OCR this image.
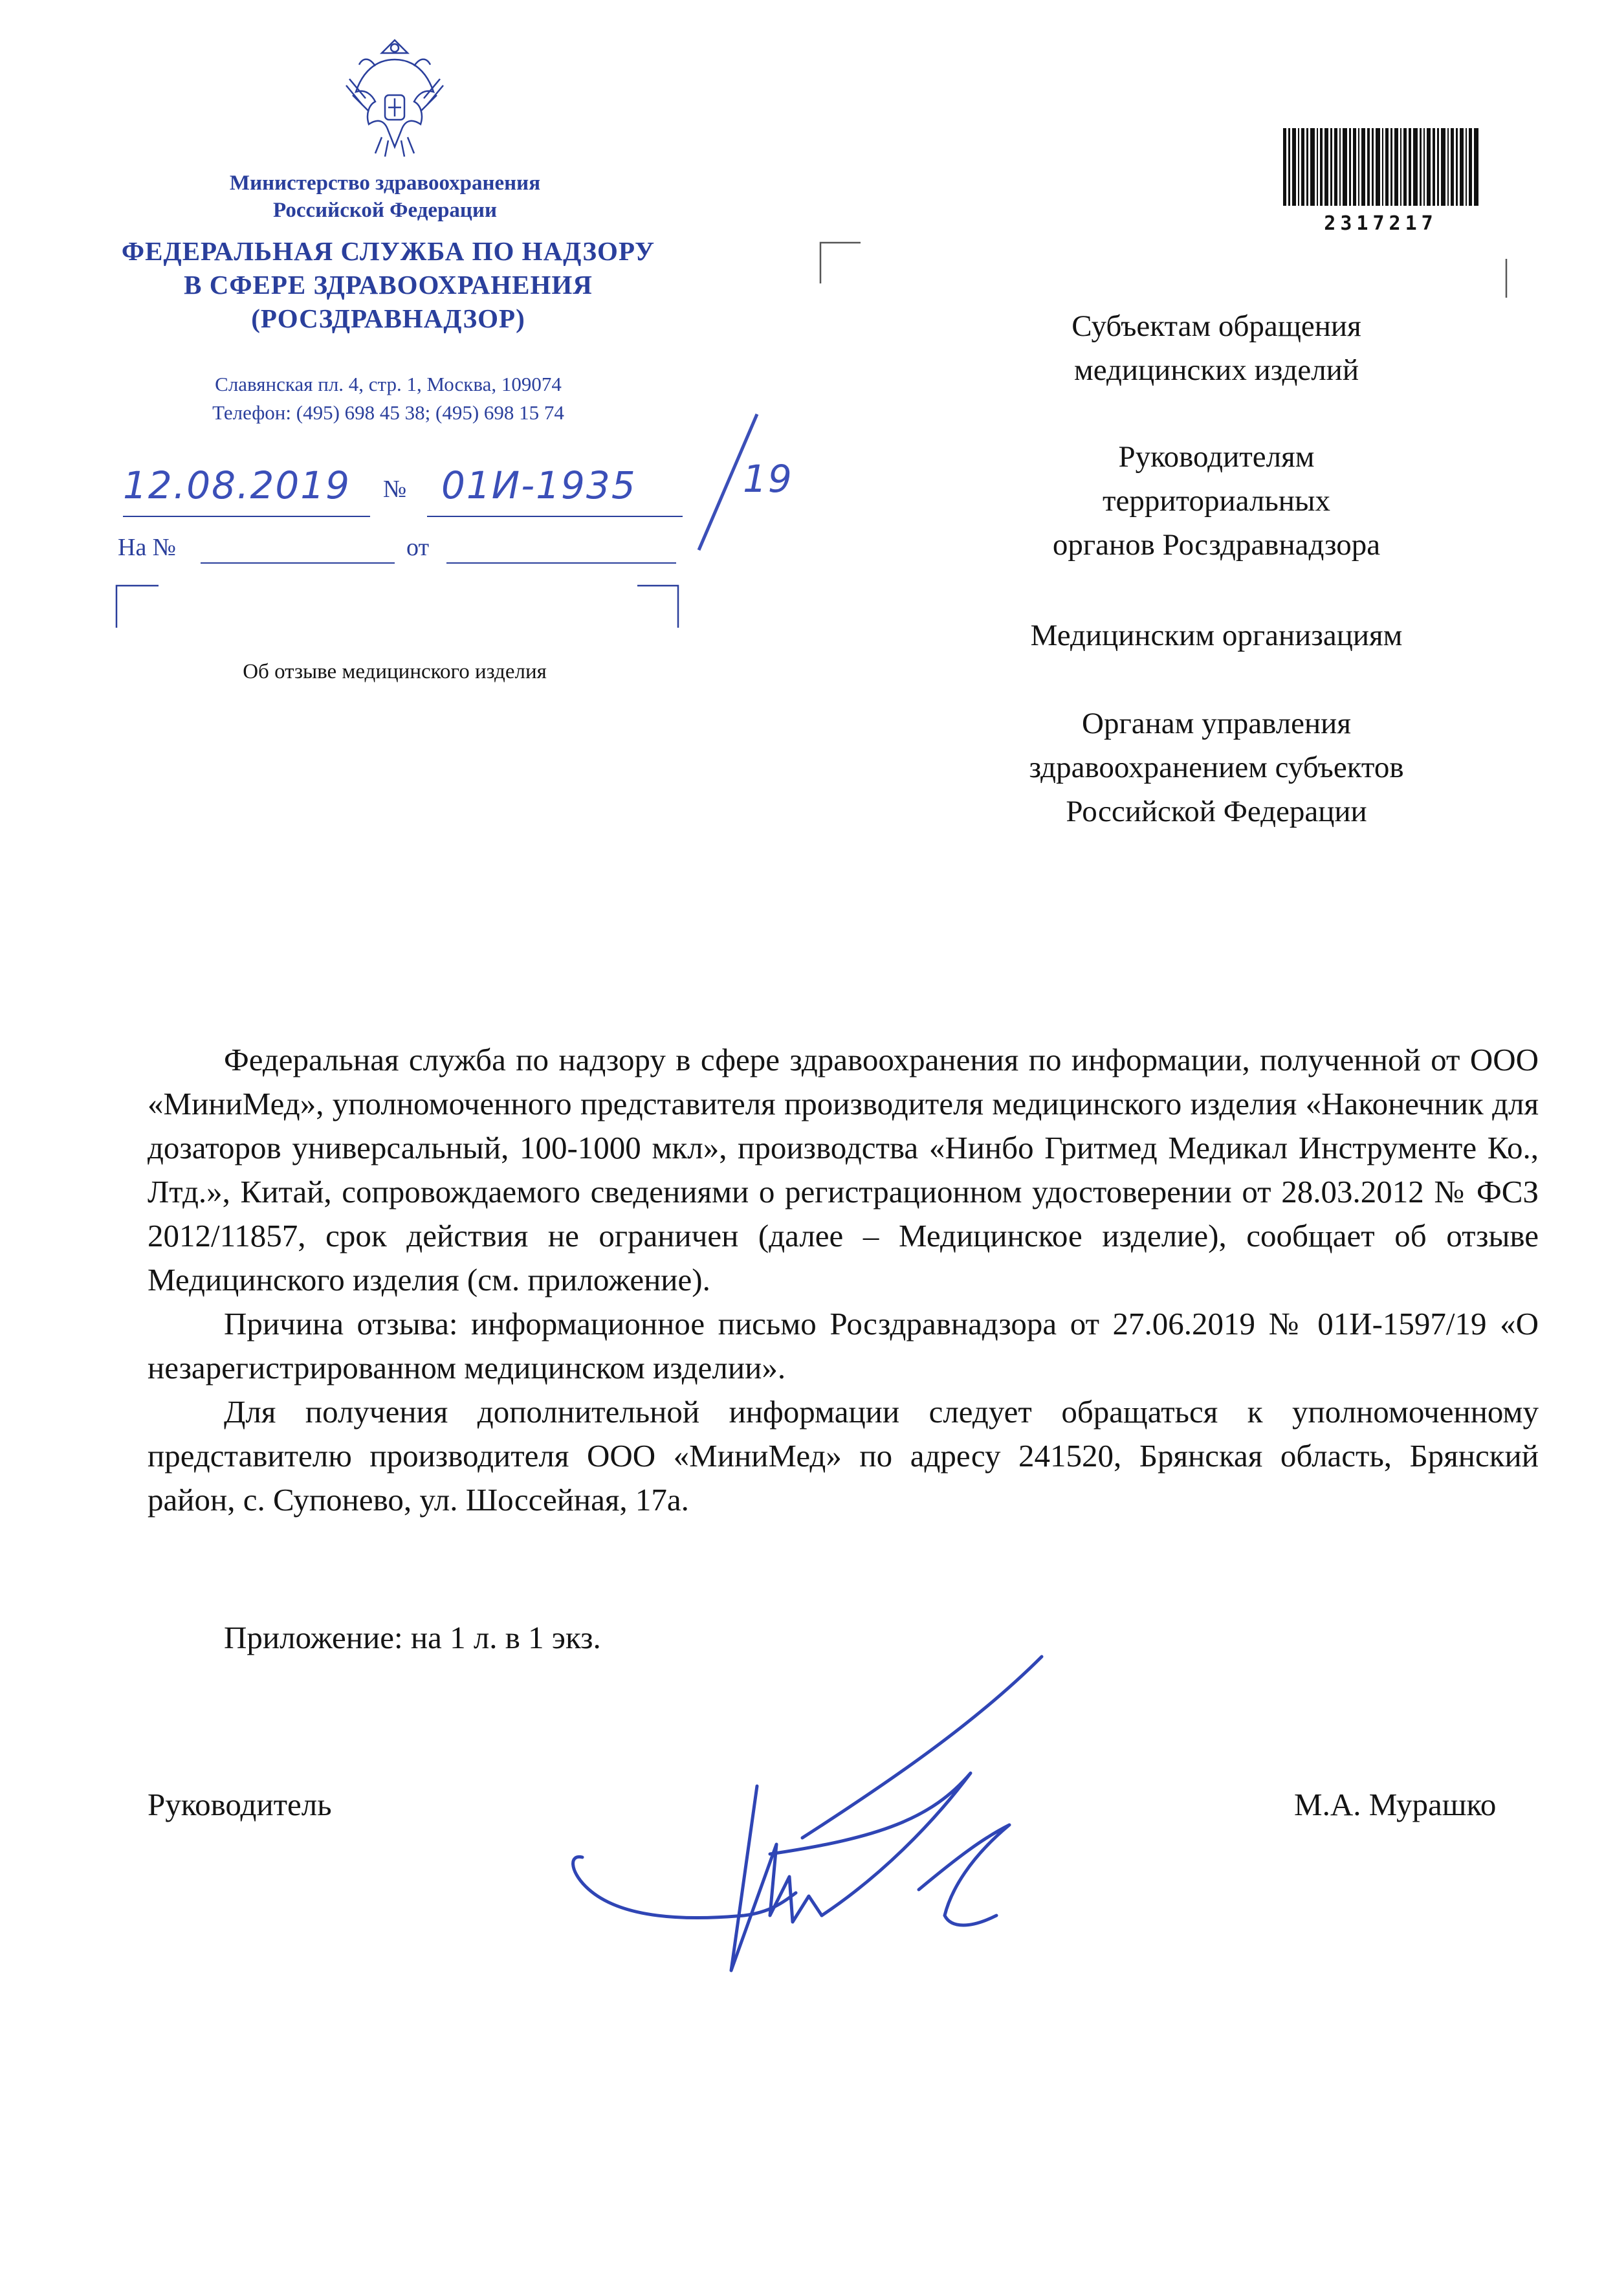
Министерство здравоохранения
Российской Федерации
ФЕДЕРАЛЬНАЯ СЛУЖБА ПО НАДЗОРУ
В СФЕРЕ ЗДРАВООХРАНЕНИЯ
(РОСЗДРАВНАДЗОР)
Славянская пл. 4, стр. 1, Москва, 109074
Телефон: (495) 698 45 38; (495) 698 15 74
12.08.2019 № 01И-1935	19
На №	от
Об отзыве медицинского изделия
2317217
Субъектам обращения
медицинских изделий
Руководителям
территориальных
органов Росздравнадзора
Медицинским организациям
Органам управления
здравоохранением субъектов
Российской Федерации

Федеральная служба по надзору в сфере здравоохранения по информации, полученной от ООО «МиниМед», уполномоченного представителя производителя медицинского изделия «Наконечник для дозаторов универсальный, 100-1000 мкл», производства «Нинбо Гритмед Медикал Инструменте Ко., Лтд.», Китай, сопровождаемого сведениями о регистрационном удостоверении от 28.03.2012 № ФСЗ 2012/11857, срок действия не ограничен (далее – Медицинское изделие), сообщает об отзыве Медицинского изделия (см. приложение).

Причина отзыва: информационное письмо Росздравнадзора от 27.06.2019 № 01И-1597/19 «О незарегистрированном медицинском изделии».

Для получения дополнительной информации следует обращаться к уполномоченному представителю производителя ООО «МиниМед» по адресу 241520, Брянская область, Брянский район, с. Супонево, ул. Шоссейная, 17а.

Приложение: на 1 л. в 1 экз.
Руководитель	М.А. Мурашко
